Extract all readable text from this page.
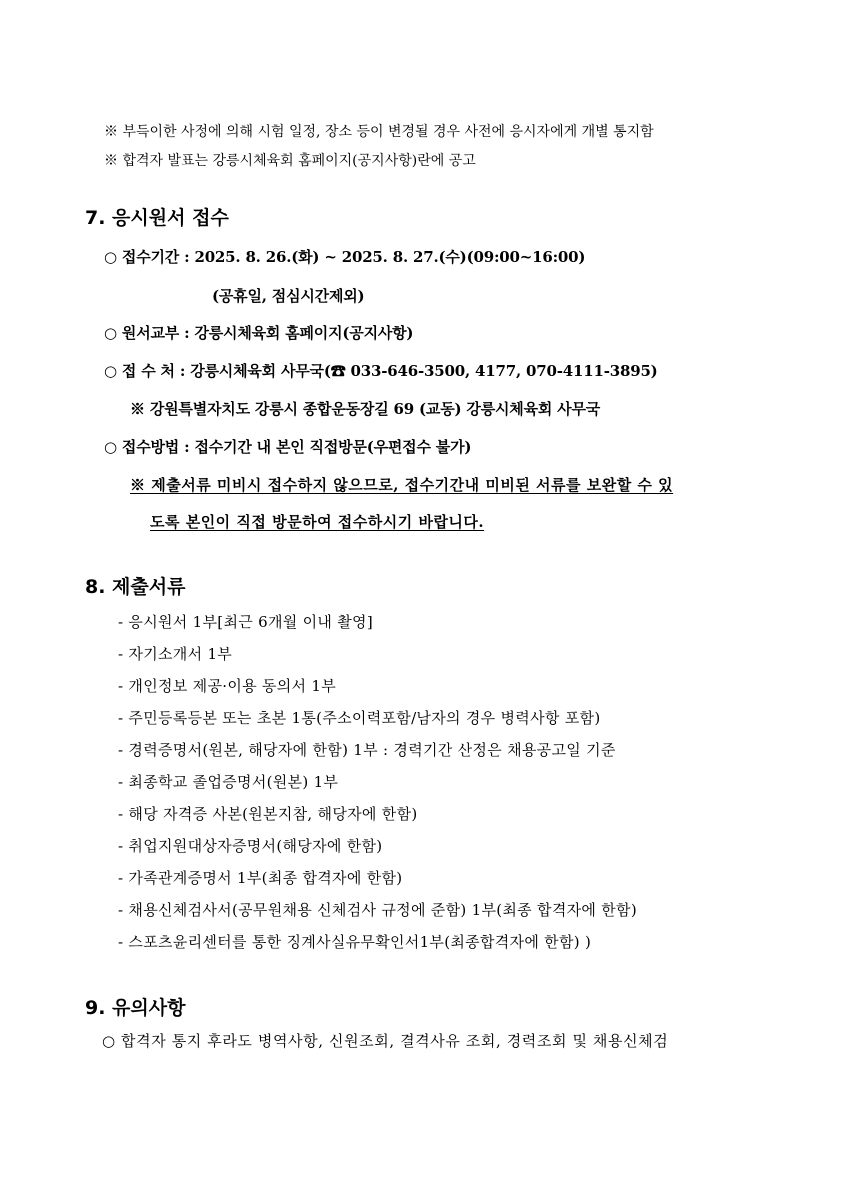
※ 부득이한 사정에 의해 시험 일정, 장소 등이 변경될 경우 사전에 응시자에게 개별 통지함
※ 합격자 발표는 강릉시체육회 홈페이지(공지사항)란에 공고
7. 응시원서 접수
○ 접수기간 : 2025. 8. 26.(화) ~ 2025. 8. 27.(수)(09:00~16:00)
(공휴일, 점심시간제외)
○ 원서교부 : 강릉시체육회 홈페이지(공지사항)
○ 접 수 처 : 강릉시체육회 사무국(☎ 033-646-3500, 4177, 070-4111-3895)
※ 강원특별자치도 강릉시 종합운동장길 69 (교동) 강릉시체육회 사무국
○ 접수방법 : 접수기간 내 본인 직접방문(우편접수 불가)
※ 제출서류 미비시 접수하지 않으므로, 접수기간내 미비된 서류를 보완할 수 있
도록 본인이 직접 방문하여 접수하시기 바랍니다.
8. 제출서류
- 응시원서 1부[최근 6개월 이내 촬영]
- 자기소개서 1부
- 개인정보 제공·이용 동의서 1부
- 주민등록등본 또는 초본 1통(주소이력포함/남자의 경우 병력사항 포함)
- 경력증명서(원본, 해당자에 한함) 1부 : 경력기간 산정은 채용공고일 기준
- 최종학교 졸업증명서(원본) 1부
- 해당 자격증 사본(원본지참, 해당자에 한함)
- 취업지원대상자증명서(해당자에 한함)
- 가족관계증명서 1부(최종 합격자에 한함)
- 채용신체검사서(공무원채용 신체검사 규정에 준함) 1부(최종 합격자에 한함)
- 스포츠윤리센터를 통한 징계사실유무확인서1부(최종합격자에 한함) )
9. 유의사항
○ 합격자 통지 후라도 병역사항, 신원조회, 결격사유 조회, 경력조회 및 채용신체검
